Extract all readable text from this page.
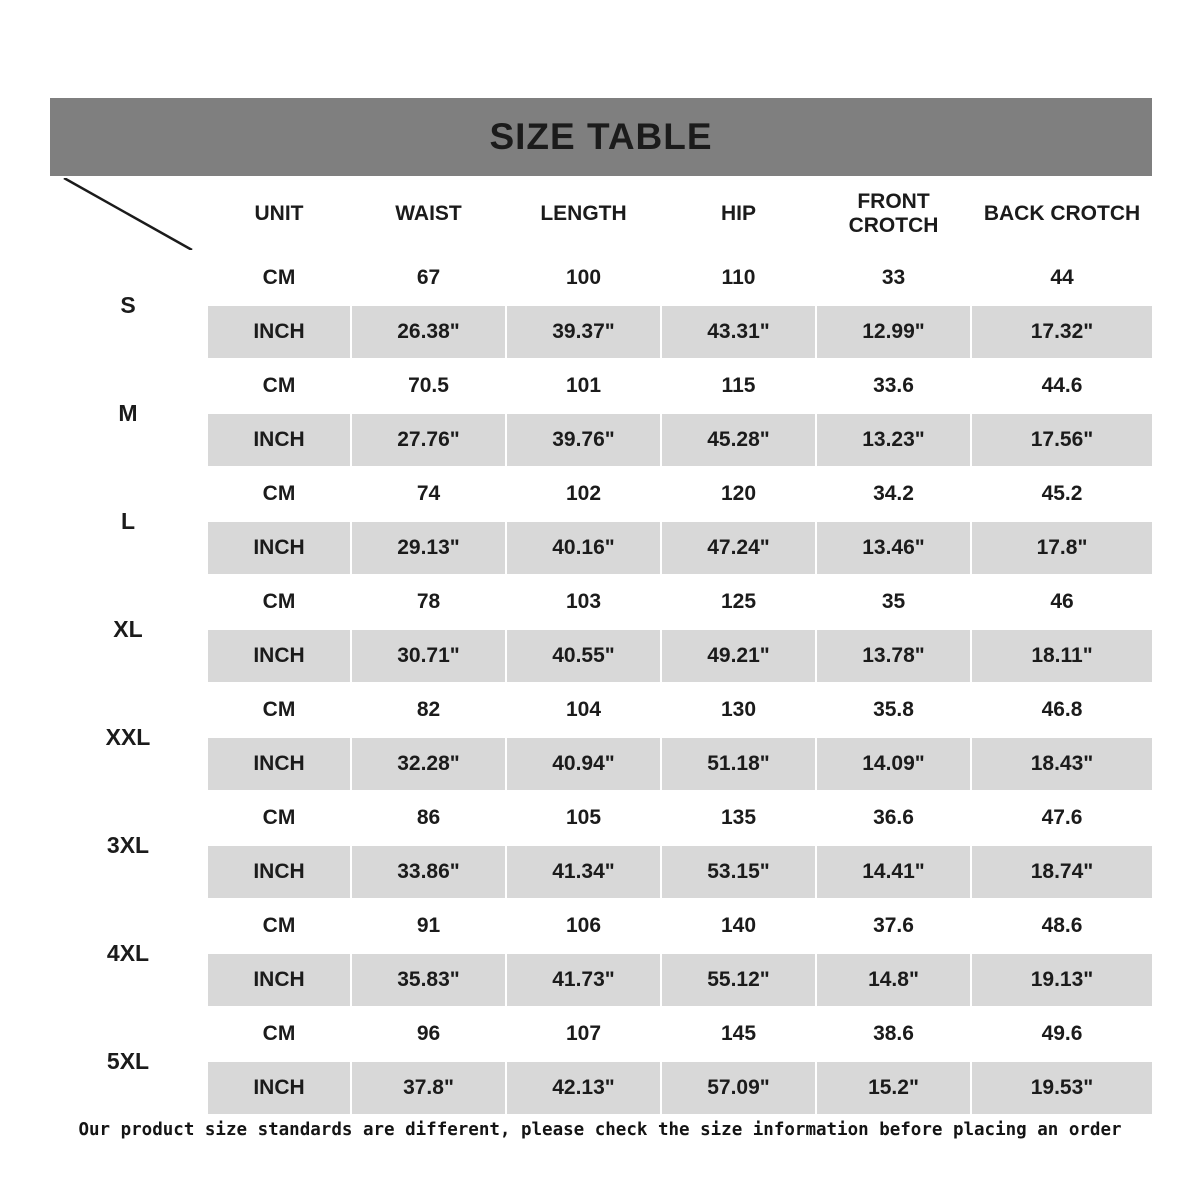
SIZE TABLE						

	UNIT	WAIST	LENGTH	HIP	FRONT CROTCH	BACK CROTCH
S	CM	67	100	110	33	44
	INCH	26.38"	39.37"	43.31"	12.99"	17.32"
M	CM	70.5	101	115	33.6	44.6
	INCH	27.76"	39.76"	45.28"	13.23"	17.56"
L	CM	74	102	120	34.2	45.2
	INCH	29.13"	40.16"	47.24"	13.46"	17.8"
XL	CM	78	103	125	35	46
	INCH	30.71"	40.55"	49.21"	13.78"	18.11"
XXL	CM	82	104	130	35.8	46.8
	INCH	32.28"	40.94"	51.18"	14.09"	18.43"
3XL	CM	86	105	135	36.6	47.6
	INCH	33.86"	41.34"	53.15"	14.41"	18.74"
4XL	CM	91	106	140	37.6	48.6
	INCH	35.83"	41.73"	55.12"	14.8"	19.13"
5XL	CM	96	107	145	38.6	49.6
	INCH	37.8"	42.13"	57.09"	15.2"	19.53"
Our product size standards are different, please check the size information before placing an order
